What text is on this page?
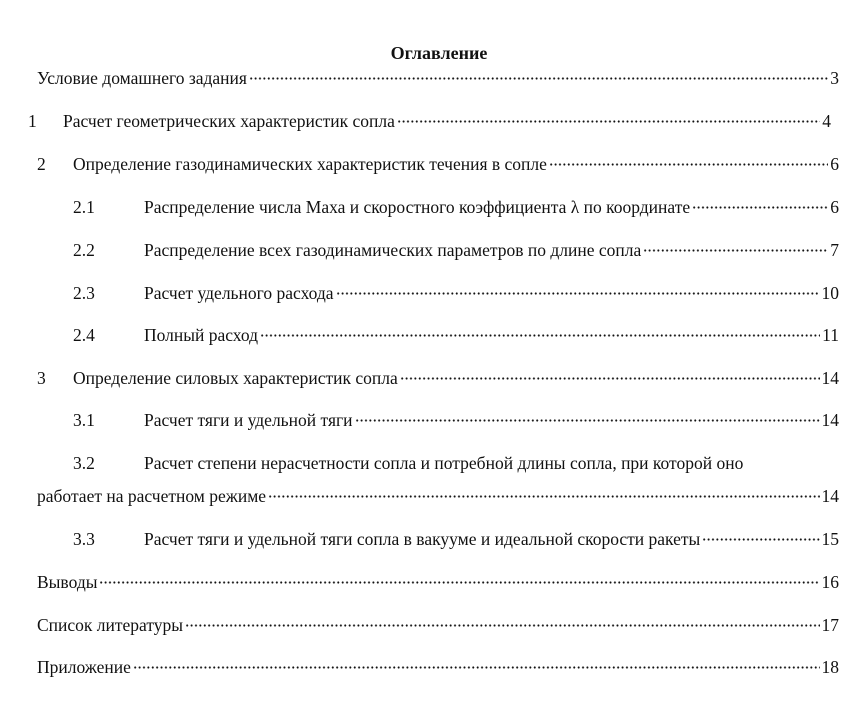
Оглавление
Условие домашнего задания	3
1	Расчет геометрических характеристик сопла	4
2	Определение газодинамических характеристик течения в сопле	6
2.1	Распределение числа Маха и скоростного коэффициента λ по координате	6
2.2	Распределение всех газодинамических параметров по длине сопла	7
2.3	Расчет удельного расхода	10
2.4	Полный расход	11
3	Определение силовых характеристик сопла	14
3.1	Расчет тяги и удельной тяги	14
3.2	Расчет степени нерасчетности сопла и потребной длины сопла, при которой оно
работает на расчетном режиме	14
3.3	Расчет тяги и удельной тяги сопла в вакууме и идеальной скорости ракеты	15
Выводы	16
Список литературы	17
Приложение	18
